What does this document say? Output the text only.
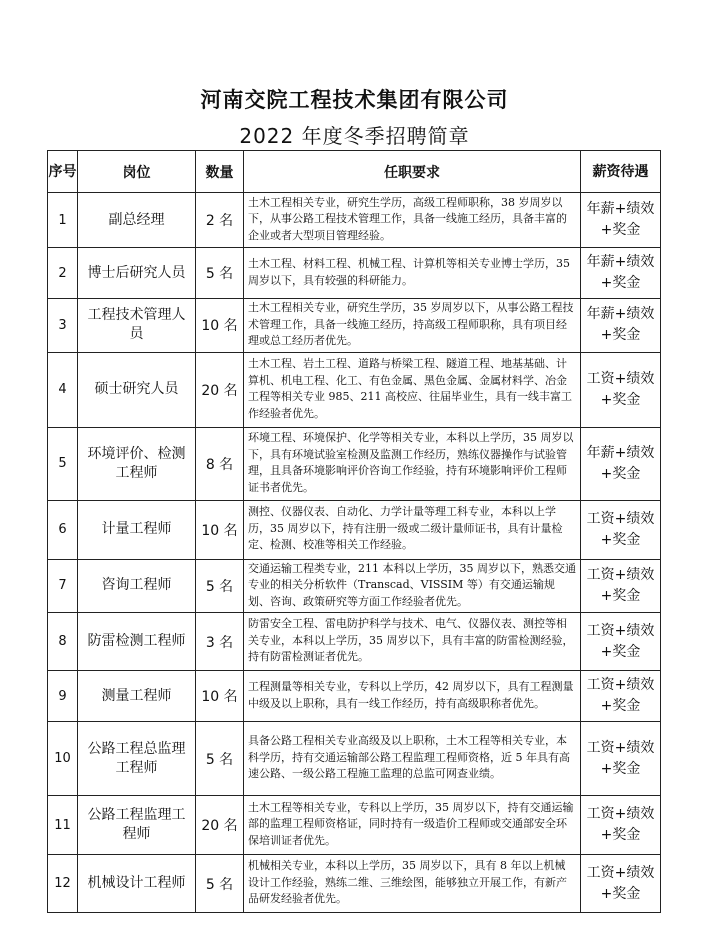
河南交院工程技术集团有限公司
2022 年度冬季招聘简章
序号	岗位	数量	任职要求	薪资待遇
1	副总经理	2 名	土木工程相关专业，研究生学历，高级工程师职称，38 岁周岁以下，从事公路工程技术管理工作，具备一线施工经历，具备丰富的企业或者大型项目管理经验。	年薪+绩效+奖金
2	博士后研究人员	5 名	土木工程、材料工程、机械工程、计算机等相关专业博士学历，35 周岁以下，具有较强的科研能力。	年薪+绩效+奖金
3	工程技术管理人员	10 名	土木工程相关专业，研究生学历，35 岁周岁以下，从事公路工程技术管理工作，具备一线施工经历，持高级工程师职称，具有项目经理或总工经历者优先。	年薪+绩效+奖金
4	硕士研究人员	20 名	土木工程、岩土工程、道路与桥梁工程、隧道工程、地基基础、计算机、机电工程、化工、有色金属、黑色金属、金属材料学、冶金工程等相关专业 985、211 高校应、往届毕业生，具有一线丰富工作经验者优先。	工资+绩效+奖金
5	环境评价、检测工程师	8 名	环境工程、环境保护、化学等相关专业，本科以上学历，35 周岁以下，具有环境试验室检测及监测工作经历，熟练仪器操作与试验管理，且具备环境影响评价咨询工作经验，持有环境影响评价工程师证书者优先。	年薪+绩效+奖金
6	计量工程师	10 名	测控、仪器仪表、自动化、力学计量等理工科专业，本科以上学历，35 周岁以下，持有注册一级或二级计量师证书，具有计量检定、检测、校准等相关工作经验。	工资+绩效+奖金
7	咨询工程师	5 名	交通运输工程类专业，211 本科以上学历，35 周岁以下，熟悉交通专业的相关分析软件（Transcad、VISSIM 等）有交通运输规划、咨询、政策研究等方面工作经验者优先。	工资+绩效+奖金
8	防雷检测工程师	3 名	防雷安全工程、雷电防护科学与技术、电气、仪器仪表、测控等相关专业，本科以上学历，35 周岁以下，具有丰富的防雷检测经验，持有防雷检测证者优先。	工资+绩效+奖金
9	测量工程师	10 名	工程测量等相关专业，专科以上学历，42 周岁以下，具有工程测量中级及以上职称，具有一线工作经历，持有高级职称者优先。	工资+绩效+奖金
10	公路工程总监理工程师	5 名	具备公路工程相关专业高级及以上职称，土木工程等相关专业，本科学历，持有交通运输部公路工程监理工程师资格，近 5 年具有高速公路、一级公路工程施工监理的总监可网查业绩。	工资+绩效+奖金
11	公路工程监理工程师	20 名	土木工程等相关专业，专科以上学历，35 周岁以下，持有交通运输部的监理工程师资格证，同时持有一级造价工程师或交通部安全环保培训证者优先。	工资+绩效+奖金
12	机械设计工程师	5 名	机械相关专业，本科以上学历，35 周岁以下，具有 8 年以上机械设计工作经验，熟练二维、三维绘图，能够独立开展工作，有新产品研发经验者优先。	工资+绩效+奖金
